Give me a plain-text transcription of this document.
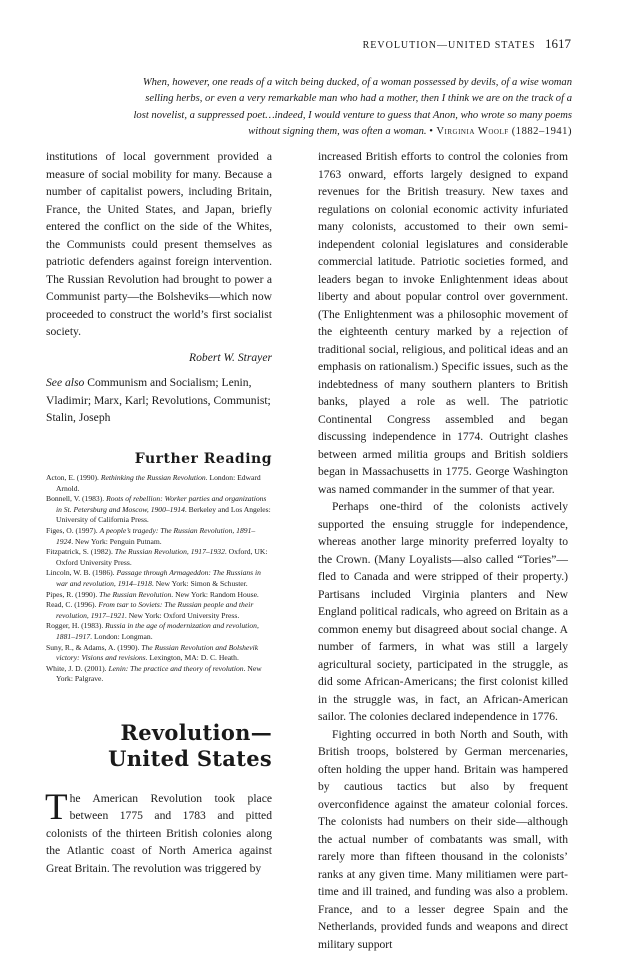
REVOLUTION—UNITED STATES 1617
When, however, one reads of a witch being ducked, of a woman possessed by devils, of a wise woman selling herbs, or even a very remarkable man who had a mother, then I think we are on the track of a lost novelist, a suppressed poet…indeed, I would venture to guess that Anon, who wrote so many poems without signing them, was often a woman. • Virginia Woolf (1882–1941)

institutions of local government provided a measure of social mobility for many. Because a number of capitalist powers, including Britain, France, the United States, and Japan, briefly entered the conflict on the side of the Whites, the Communists could present themselves as patriotic defenders against foreign intervention. The Russian Revolution had brought to power a Communist party—the Bolsheviks—which now proceeded to construct the world’s first socialist society.

Robert W. Strayer

See also Communism and Socialism; Lenin, Vladimir; Marx, Karl; Revolutions, Communist; Stalin, Joseph

Further Reading
Acton, E. (1990). Rethinking the Russian Revolution. London: Edward Arnold.
Bonnell, V. (1983). Roots of rebellion: Worker parties and organizations in St. Petersburg and Moscow, 1900–1914. Berkeley and Los Angeles: University of California Press.
Figes, O. (1997). A people’s tragedy: The Russian Revolution, 1891–1924. New York: Penguin Putnam.
Fitzpatrick, S. (1982). The Russian Revolution, 1917–1932. Oxford, UK: Oxford University Press.
Lincoln, W. B. (1986). Passage through Armageddon: The Russians in war and revolution, 1914–1918. New York: Simon & Schuster.
Pipes, R. (1990). The Russian Revolution. New York: Random House.
Read, C. (1996). From tsar to Soviets: The Russian people and their revolution, 1917–1921. New York: Oxford University Press.
Rogger, H. (1983). Russia in the age of modernization and revolution, 1881–1917. London: Longman.
Suny, R., & Adams, A. (1990). The Russian Revolution and Bolshevik victory: Visions and revisions. Lexington, MA: D. C. Heath.
White, J. D. (2001). Lenin: The practice and theory of revolution. New York: Palgrave.
Revolution—
United States

The American Revolution took place between 1775 and 1783 and pitted colonists of the thirteen British colonies along the Atlantic coast of North America against Great Britain. The revolution was triggered by

increased British efforts to control the colonies from 1763 onward, efforts largely designed to expand revenues for the British treasury. New taxes and regulations on colonial economic activity infuriated many colonists, accustomed to their own semi-independent colonial legislatures and considerable commercial latitude. Patriotic societies formed, and leaders began to invoke Enlightenment ideas about liberty and about popular control over government. (The Enlightenment was a philosophic movement of the eighteenth century marked by a rejection of traditional social, religious, and political ideas and an emphasis on rationalism.) Specific issues, such as the indebtedness of many southern planters to British banks, played a role as well. The patriotic Continental Congress assembled and began discussing independence in 1774. Outright clashes between armed militia groups and British soldiers began in Massachusetts in 1775. George Washington was named commander in the summer of that year.

Perhaps one-third of the colonists actively supported the ensuing struggle for independence, whereas another large minority preferred loyalty to the Crown. (Many Loyalists—also called “Tories”—fled to Canada and were stripped of their property.) Partisans included Virginia planters and New England political radicals, who agreed on Britain as a common enemy but disagreed about social change. A number of farmers, in what was still a largely agricultural society, participated in the struggle, as did some African-Americans; the first colonist killed in the struggle was, in fact, an African-American sailor. The colonies declared independence in 1776.

Fighting occurred in both North and South, with British troops, bolstered by German mercenaries, often holding the upper hand. Britain was hampered by cautious tactics but also by frequent overconfidence against the amateur colonial forces. The colonists had numbers on their side—although the actual number of combatants was small, with rarely more than fifteen thousand in the colonists’ ranks at any given time. Many militiamen were part-time and ill trained, and funding was also a problem. France, and to a lesser degree Spain and the Netherlands, provided funds and weapons and direct military support
